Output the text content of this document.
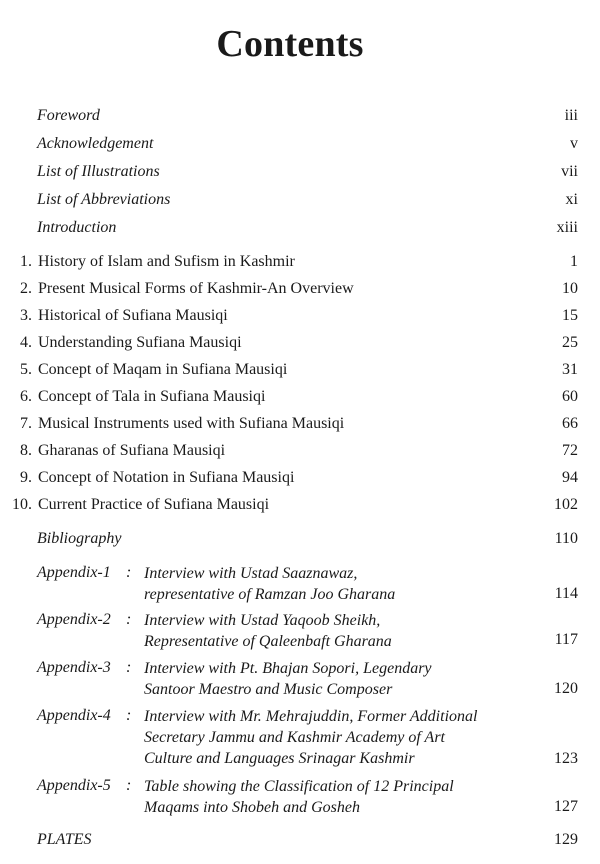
Contents
Foreword	iii
Acknowledgement	v
List of Illustrations	vii
List of Abbreviations	xi
Introduction	xiii
1. History of Islam and Sufism in Kashmir	1
2. Present Musical Forms of Kashmir-An Overview	10
3. Historical of Sufiana Mausiqi	15
4. Understanding Sufiana Mausiqi	25
5. Concept of Maqam in Sufiana Mausiqi	31
6. Concept of Tala in Sufiana Mausiqi	60
7. Musical Instruments used with Sufiana Mausiqi	66
8. Gharanas of Sufiana Mausiqi	72
9. Concept of Notation in Sufiana Mausiqi	94
10. Current Practice of Sufiana Mausiqi	102
Bibliography	110
Appendix-1 : Interview with Ustad Saaznawaz,
representative of Ramzan Joo Gharana	114
Appendix-2 : Interview with Ustad Yaqoob Sheikh,
Representative of Qaleenbaft Gharana	117
Appendix-3 : Interview with Pt. Bhajan Sopori, Legendary
Santoor Maestro and Music Composer	120
Appendix-4 : Interview with Mr. Mehrajuddin, Former Additional
Secretary Jammu and Kashmir Academy of Art
Culture and Languages Srinagar Kashmir	123
Appendix-5 : Table showing the Classification of 12 Principal
Maqams into Shobeh and Gosheh	127
PLATES	129
